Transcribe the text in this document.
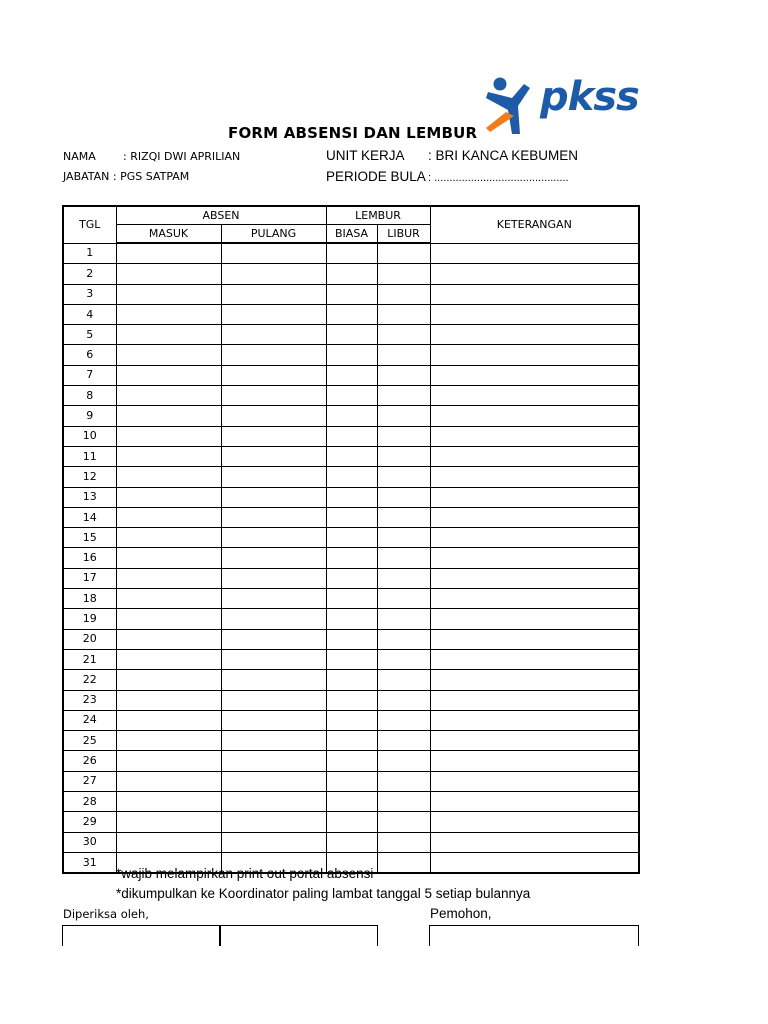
pkss
FORM ABSENSI DAN LEMBUR
NAMA : RIZQI DWI APRILIAN
JABATAN : PGS SATPAM
UNIT KERJA : BRI KANCA KEBUMEN
PERIODE BULA : ............................................
TGL	ABSEN		LEMBUR		KETERANGAN
	MASUK	PULANG	BIASA	LIBUR	
1					
2					
3					
4					
5					
6					
7					
8					
9					
10					
11					
12					
13					
14					
15					
16					
17					
18					
19					
20					
21					
22					
23					
24					
25					
26					
27					
28					
29					
30					
31					
*wajib melampirkan print out portal absensi
*dikumpulkan ke Koordinator paling lambat tanggal 5 setiap bulannya
Diperiksa oleh,	Pemohon,
